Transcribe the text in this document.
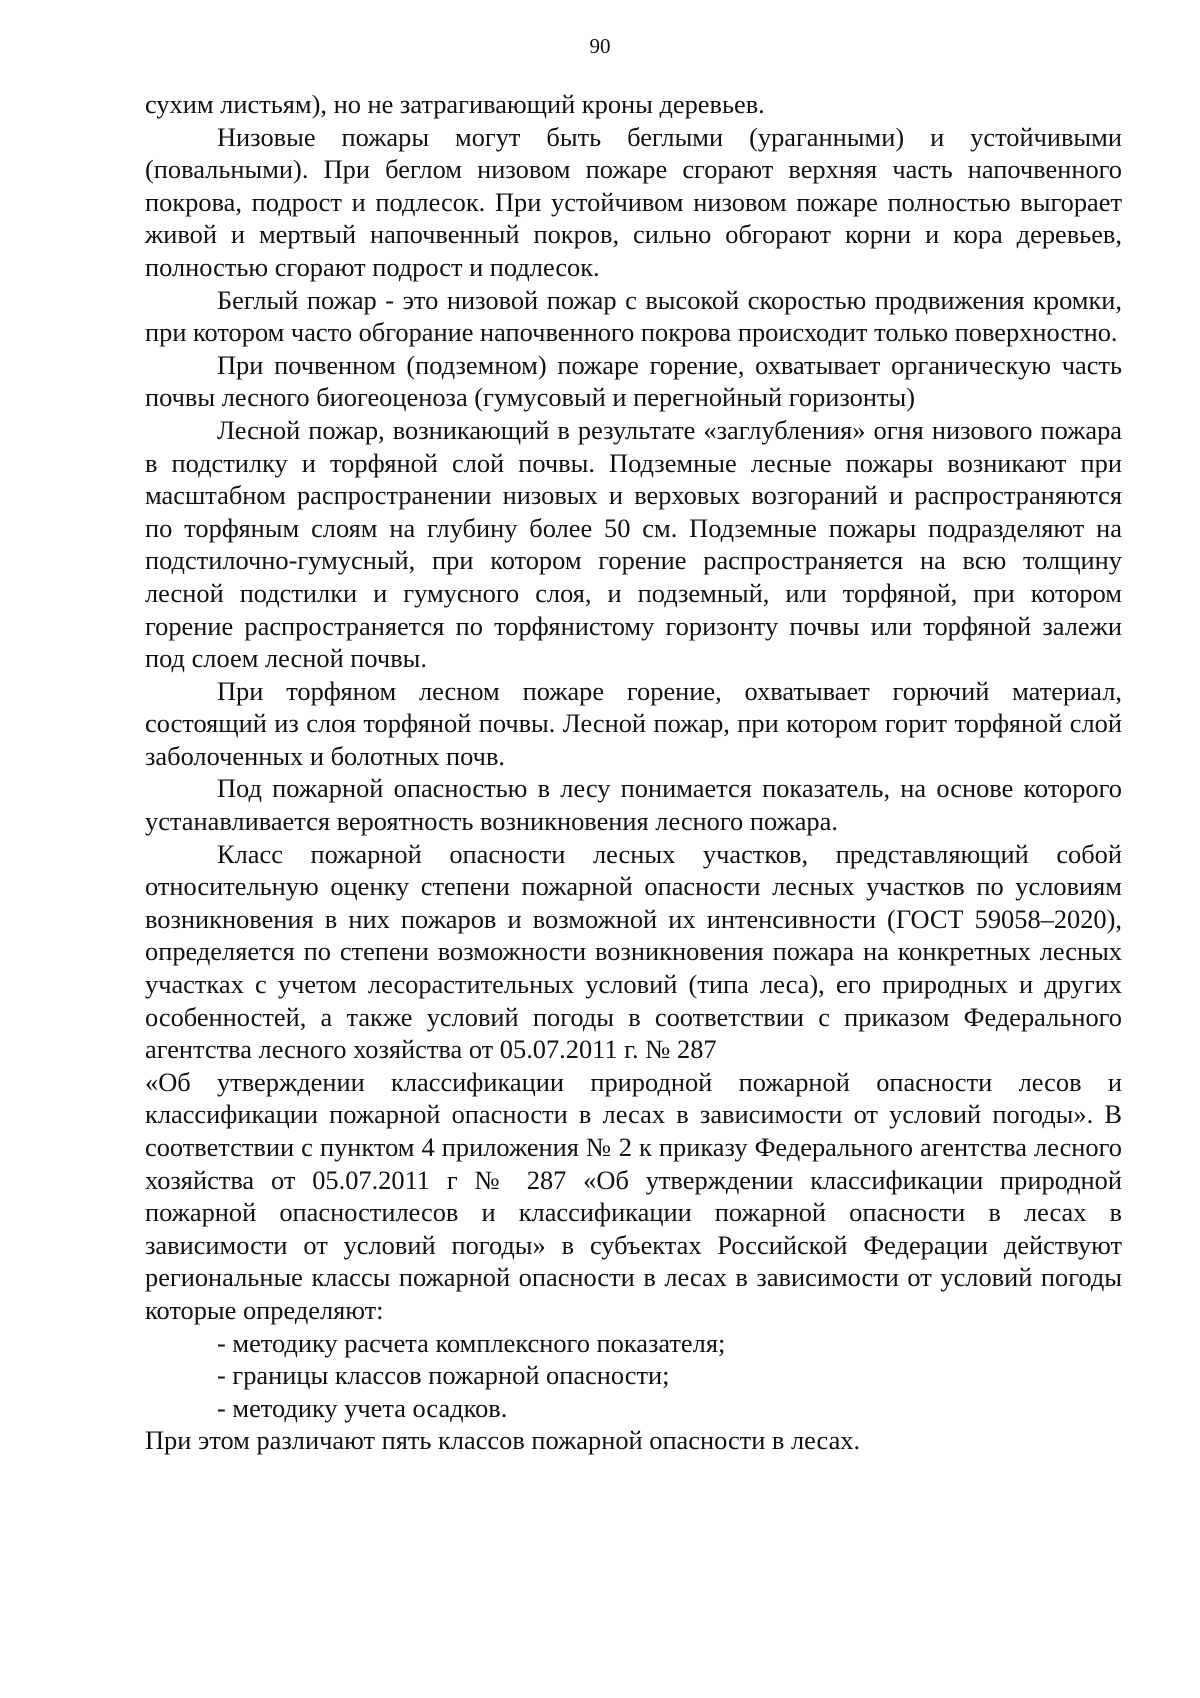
90

сухим листьям), но не затрагивающий кроны деревьев.

Низовые пожары могут быть беглыми (ураганными) и устойчивыми (повальными). При беглом низовом пожаре сгорают верхняя часть напочвенного покрова, подрост и подлесок. При устойчивом низовом пожаре полностью выгорает живой и мертвый напочвенный покров, сильно обгорают корни и кора деревьев, полностью сгорают подрост и подлесок.

Беглый пожар - это низовой пожар с высокой скоростью продвижения кромки, при котором часто обгорание напочвенного покрова происходит только поверхностно.

При почвенном (подземном) пожаре горение, охватывает органическую часть почвы лесного биогеоценоза (гумусовый и перегнойный горизонты)

Лесной пожар, возникающий в результате «заглубления» огня низового пожара в подстилку и торфяной слой почвы. Подземные лесные пожары возникают при масштабном распространении низовых и верховых возгораний и распространяются по торфяным слоям на глубину более 50 см. Подземные пожары подразделяют на подстилочно-гумусный, при котором горение распространяется на всю толщину лесной подстилки и гумусного слоя, и подземный, или торфяной, при котором горение распространяется по торфянистому горизонту почвы или торфяной залежи под слоем лесной почвы.

При торфяном лесном пожаре горение, охватывает горючий материал, состоящий из слоя торфяной почвы. Лесной пожар, при котором горит торфяной слой заболоченных и болотных почв.

Под пожарной опасностью в лесу понимается показатель, на основе которого устанавливается вероятность возникновения лесного пожара.

Класс пожарной опасности лесных участков, представляющий собой относительную оценку степени пожарной опасности лесных участков по условиям возникновения в них пожаров и возможной их интенсивности (ГОСТ 59058–2020), определяется по степени возможности возникновения пожара на конкретных лесных участках с учетом лесорастительных условий (типа леса), его природных и других особенностей, а также условий погоды в соответствии с приказом Федерального агентства лесного хозяйства от 05.07.2011 г. № 287

«Об утверждении классификации природной пожарной опасности лесов и классификации пожарной опасности в лесах в зависимости от условий погоды». В соответствии с пунктом 4 приложения № 2 к приказу Федерального агентства лесного хозяйства от 05.07.2011 г № 287 «Об утверждении классификации природной пожарной опасностилесов и классификации пожарной опасности в лесах в зависимости от условий погоды» в субъектах Российской Федерации действуют региональные классы пожарной опасности в лесах в зависимости от условий погоды которые определяют:

- методику расчета комплексного показателя;

- границы классов пожарной опасности;

- методику учета осадков.

При этом различают пять классов пожарной опасности в лесах.
